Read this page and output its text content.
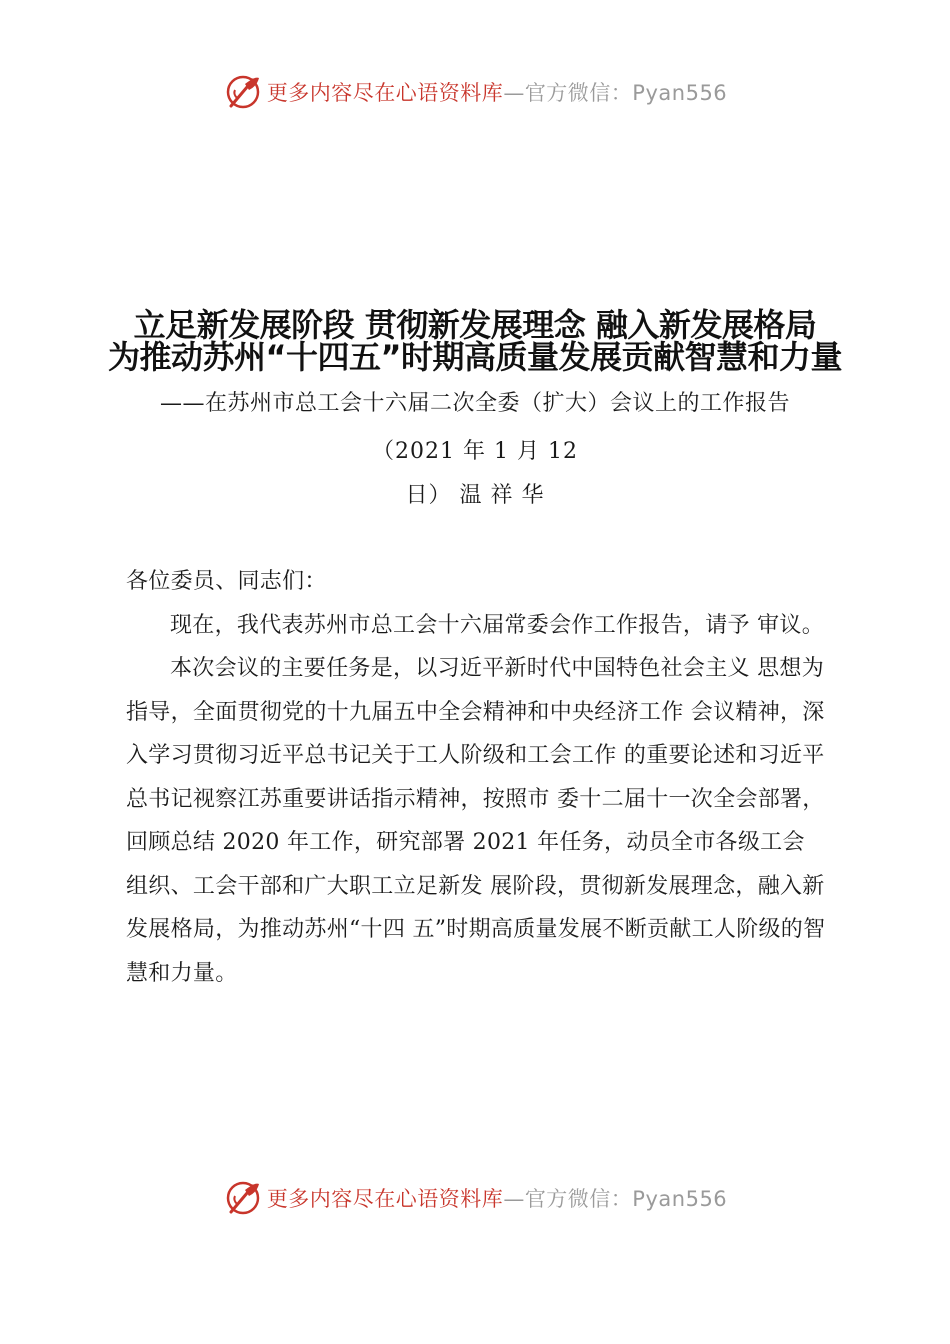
更多内容尽在心语资料库—官方微信：Pyan556
立足新发展阶段 贯彻新发展理念 融入新发展格局
为推动苏州“十四五”时期高质量发展贡献智慧和力量
——在苏州市总工会十六届二次全委（扩大）会议上的工作报告
（2021 年 1 月 12
日） 温 祥 华

各位委员、同志们：

现在，我代表苏州市总工会十六届常委会作工作报告，请予 审议。

本次会议的主要任务是，以习近平新时代中国特色社会主义 思想为指导，全面贯彻党的十九届五中全会精神和中央经济工作 会议精神，深入学习贯彻习近平总书记关于工人阶级和工会工作 的重要论述和习近平总书记视察江苏重要讲话指示精神，按照市 委十二届十一次全会部署，回顾总结 2020 年工作，研究部署 2021 年任务，动员全市各级工会组织、工会干部和广大职工立足新发 展阶段，贯彻新发展理念，融入新发展格局，为推动苏州“十四 五”时期高质量发展不断贡献工人阶级的智慧和力量。

更多内容尽在心语资料库—官方微信：Pyan556
